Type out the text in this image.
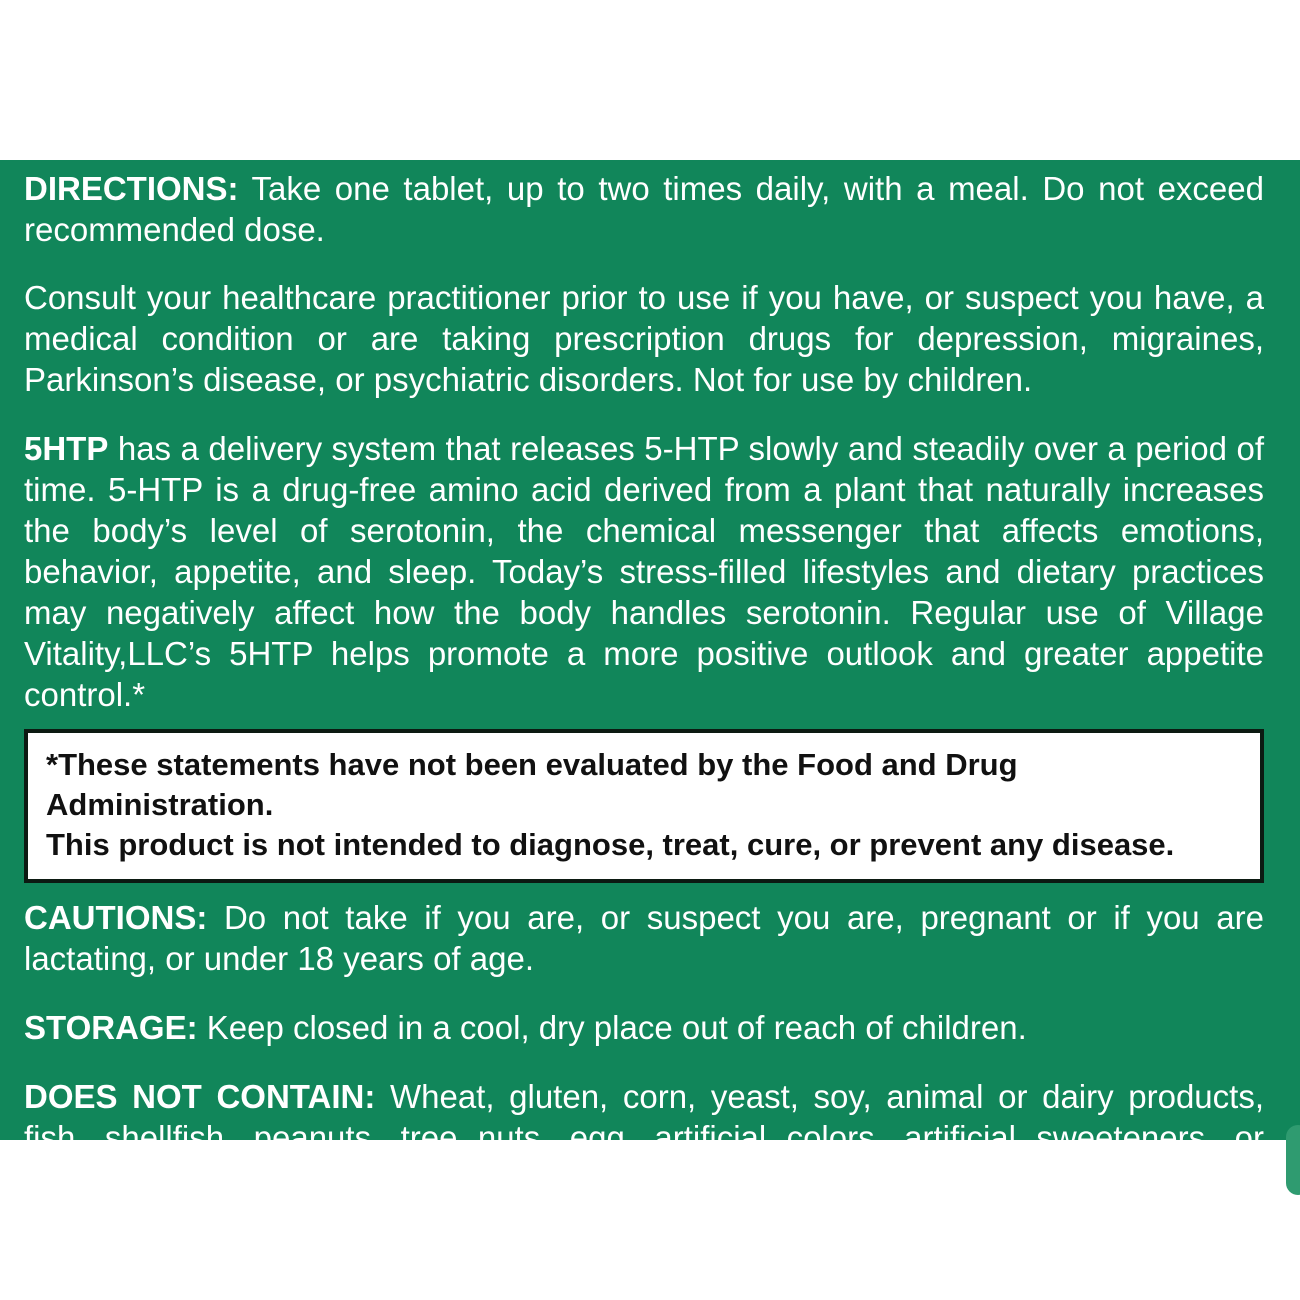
DIRECTIONS: Take one tablet, up to two times daily, with a meal. Do not exceed recommended dose.

Consult your healthcare practitioner prior to use if you have, or suspect you have, a medical condition or are taking prescription drugs for depression, migraines, Parkinson’s disease, or psychiatric disorders. Not for use by children.

5HTP has a delivery system that releases 5-HTP slowly and steadily over a period of time. 5-HTP is a drug-free amino acid derived from a plant that naturally increases the body’s level of serotonin, the chemical messenger that affects emotions, behavior, appetite, and sleep. Today’s stress-filled lifestyles and dietary practices may negatively affect how the body handles serotonin. Regular use of Village Vitality,LLC’s 5HTP helps promote a more positive outlook and greater appetite control.*

*These statements have not been evaluated by the Food and Drug Administration.
This product is not intended to diagnose, treat, cure, or prevent any disease.

CAUTIONS: Do not take if you are, or suspect you are, pregnant or if you are lactating, or under 18 years of age.

STORAGE: Keep closed in a cool, dry place out of reach of children.

DOES NOT CONTAIN: Wheat, gluten, corn, yeast, soy, animal or dairy products, fish, shellfish, peanuts, tree nuts, egg, artificial colors, artificial sweeteners, or artificial preservatives.
